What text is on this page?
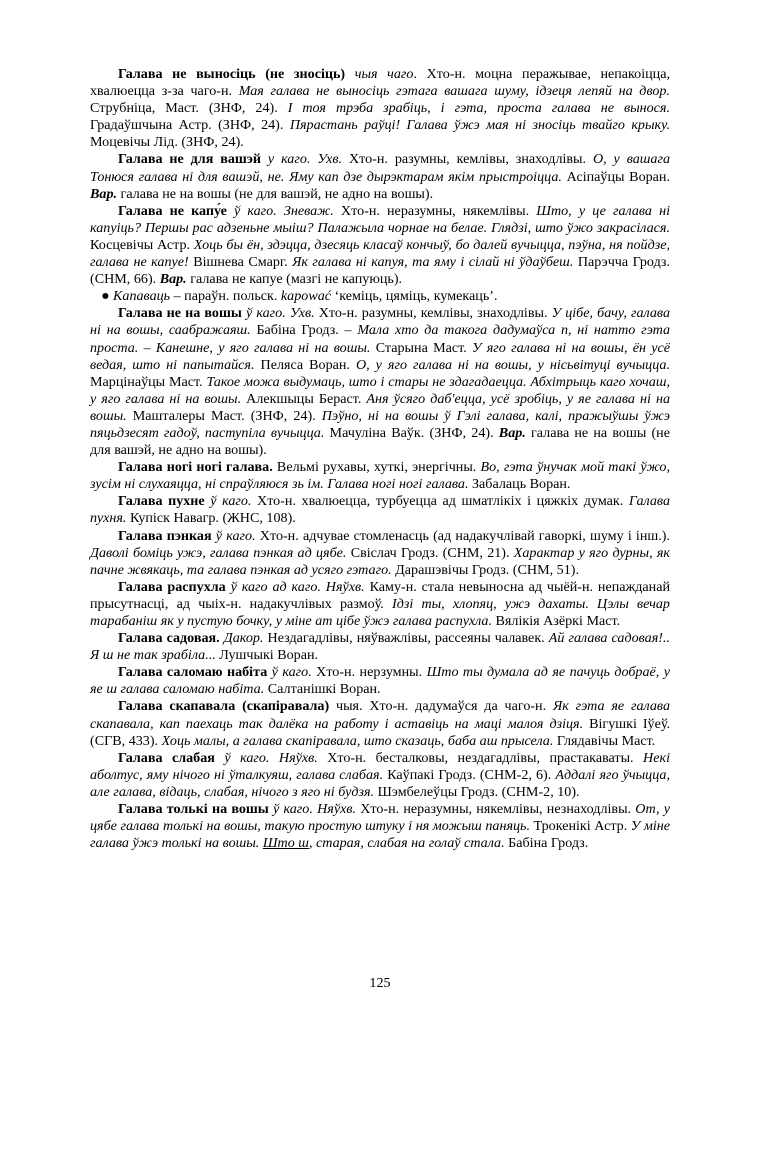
Галава не выносіць (не зносіць) чыя чаго. Хто-н. моцна перажывае, непакоіцца, хвалюецца з-за чаго-н. Мая галава не выносіць гэтага вашага шуму, ідзеця лепяй на двор. Струбніца, Маст. (ЗНФ, 24). І тоя трэба зрабіць, і гэта, проста галава не вынося. Градаўшчына Астр. (ЗНФ, 24). Пярастань раўці! Галава ўжэ мая ні зносіць твайго крыку. Моцевічы Лід. (ЗНФ, 24).

Галава не для вашэй у каго. Ухв. Хто-н. разумны, кемлівы, знаходлівы. О, у вашага Тонюся галава ні для вашэй, не. Яму кап дзе дырэктарам якім прыстроіцца. Асіпаўцы Воран. Вар. галава не на вошы (не для вашэй, не адно на вошы).

Галава не капу́е ў каго. Зневаж. Хто-н. неразумны, някемлівы. Што, у це галава ні капуіць? Першы рас адзеньне мыіш? Палажыла чорнае на белае. Глядзі, што ўжо закрасілася. Косцевічы Астр. Хоць бы ён, здэцца, дзесяць класаў кончыў, бо далей вучыцца, пэўна, ня пойдзе, галава не капуе! Вішнева Смарг. Як галава ні капуя, та яму і сілай ні ўдаўбеш. Парэчча Гродз. (СНМ, 66). Вар. галава не капуе (мазгі не капуюць).

● Капаваць – параўн. польск. kapować ‘кеміць, цяміць, кумекаць’.

Галава не на вошы ў каго. Ухв. Хто-н. разумны, кемлівы, знаходлівы. У цібе, бачу, галава ні на вошы, саабражаяш. Бабіна Гродз. – Мала хто да такога дадумаўса п, ні натто гэта проста. – Канешне, у яго галава ні на вошы. Старына Маст. У яго галава ні на вошы, ён усё ведая, што ні папытайся. Пеляса Воран. О, у яго галава ні на вошы, у нісьвітуці вучыцца. Марцінаўцы Маст. Такое можа выдумаць, што і стары не здагадаецца. Абхітрыць каго хочаш, у яго галава ні на вошы. Алекшыцы Бераст. Аня ўсяго даб'ецца, усё зробіць, у яе галава ні на вошы. Машталеры Маст. (ЗНФ, 24). Пэўно, ні на вошы ў Гэлі галава, калі, пражыўшы ўжэ пяцьдзесят гадоў, паступіла вучыцца. Мачуліна Ваўк. (ЗНФ, 24). Вар. галава не на вошы (не для вашэй, не адно на вошы).

Галава ногі ногі галава. Вельмі рухавы, хуткі, энергічны. Во, гэта ўнучак мой такі ўжо, зусім ні слухаяцца, ні спраўляюся зь ім. Галава ногі ногі галава. Забалаць Воран.

Галава пухне ў каго. Хто-н. хвалюецца, турбуецца ад шматлікіх і цяжкіх думак. Галава пухня. Купіск Навагр. (ЖНС, 108).

Галава пэнкая ў каго. Хто-н. адчувае стомленасць (ад надакучлівай гаворкі, шуму і інш.). Даволі боміць ужэ, галава пэнкая ад цябе. Свіслач Гродз. (СНМ, 21). Характар у яго дурны, як пачне жвякаць, та галава пэнкая ад усяго гэтаго. Дарашэвічы Гродз. (СНМ, 51).

Галава распухла ў каго ад каго. Няўхв. Каму-н. стала невыносна ад чыёй-н. непажданай прысутнасці, ад чыіх-н. надакучлівых размоў. Ідзі ты, хлопяц, ужэ дахаты. Цэлы вечар тарабаніш як у пустую бочку, у міне ат цібе ўжэ галава распухла. Вялікія Азёркі Маст.

Галава садовая. Дакор. Нездагадлівы, няўважлівы, рассеяны чалавек. Ай галава садовая!.. Я ш не так зрабіла... Лушчыкі Воран.

Галава саломаю набіта ў каго. Хто-н. нерзумны. Што ты думала ад яе пачуць добраё, у яе ш галава саломаю набіта. Салтанішкі Воран.

Галава скапавала (скапіравала) чыя. Хто-н. дадумаўся да чаго-н. Як гэта яе галава скапавала, кап паехаць так далёка на работу і аставіць на маці малоя дзіця. Вігушкі Іўеў. (СГВ, 433). Хоць малы, а галава скапіравала, што сказаць, баба аш прысела. Глядавічы Маст.

Галава слабая ў каго. Няўхв. Хто-н. бесталковы, нездагадлівы, прастакаваты. Некі аболтус, яму нічого ні ўталкуяш, галава слабая. Каўпакі Гродз. (СНМ-2, 6). Аддалі яго ўчыцца, але галава, відаць, слабая, нічого з яго ні будзя. Шэмбелеўцы Гродз. (СНМ-2, 10).

Галава толькі на вошы ў каго. Няўхв. Хто-н. неразумны, някемлівы, незнаходлівы. От, у цябе галава толькі на вошы, такую простую штуку і ня можыш паняць. Трокенікі Астр. У міне галава ўжэ толькі на вошы. Што ш, старая, слабая на голаў стала. Бабіна Гродз.

125
